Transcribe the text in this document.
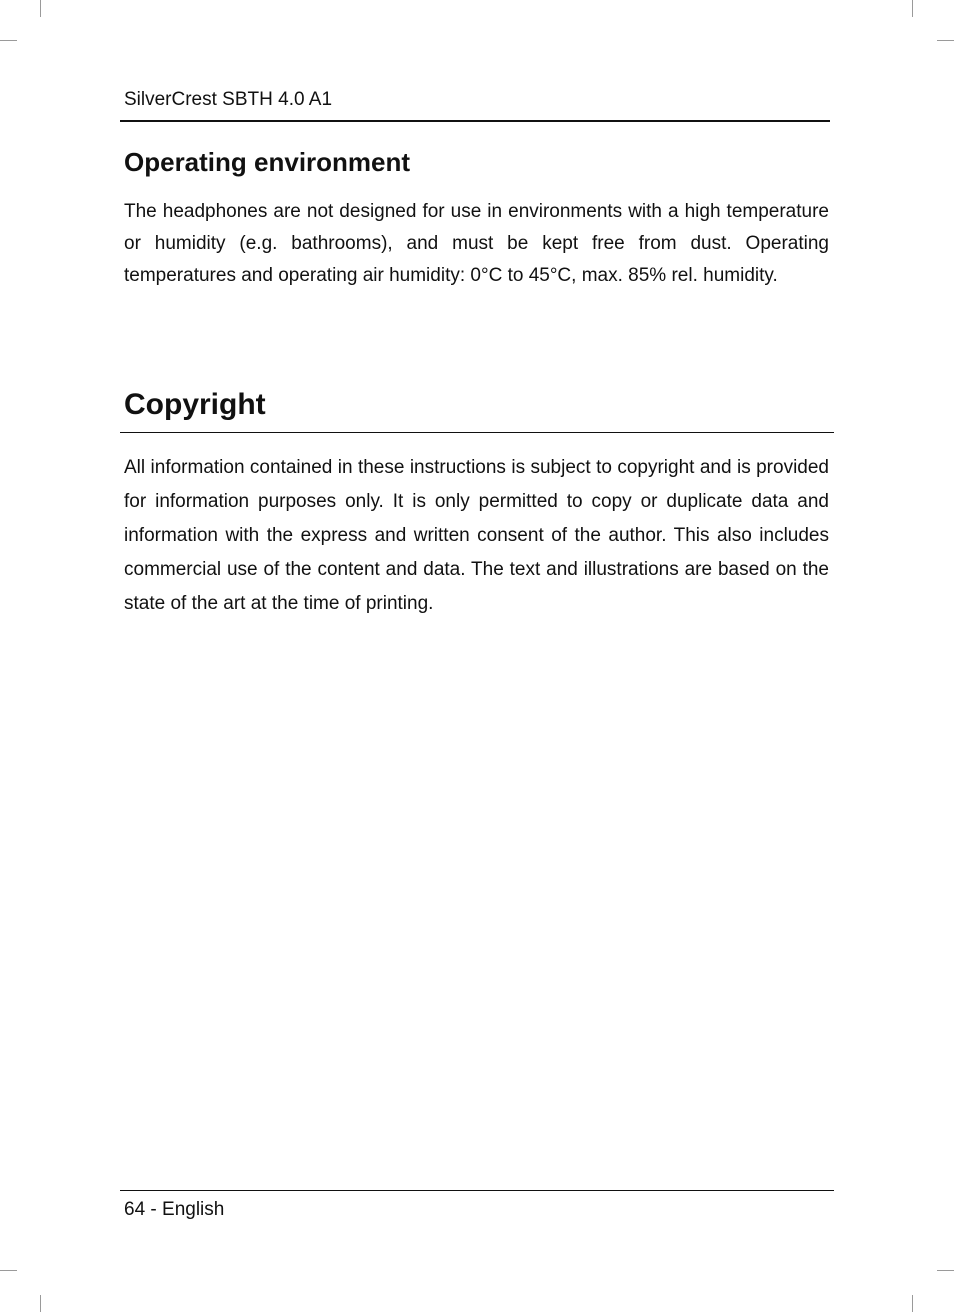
SilverCrest SBTH 4.0 A1
Operating environment

The headphones are not designed for use in environments with a high temperature or humidity (e.g. bathrooms), and must be kept free from dust. Operating temperatures and operating air humidity: 0°C to 45°C, max. 85% rel. humidity.

Copyright

All information contained in these instructions is subject to copyright and is provided for information purposes only. It is only permitted to copy or duplicate data and information with the express and written consent of the author. This also includes commercial use of the content and data. The text and illustrations are based on the state of the art at the time of printing.

64 - English
